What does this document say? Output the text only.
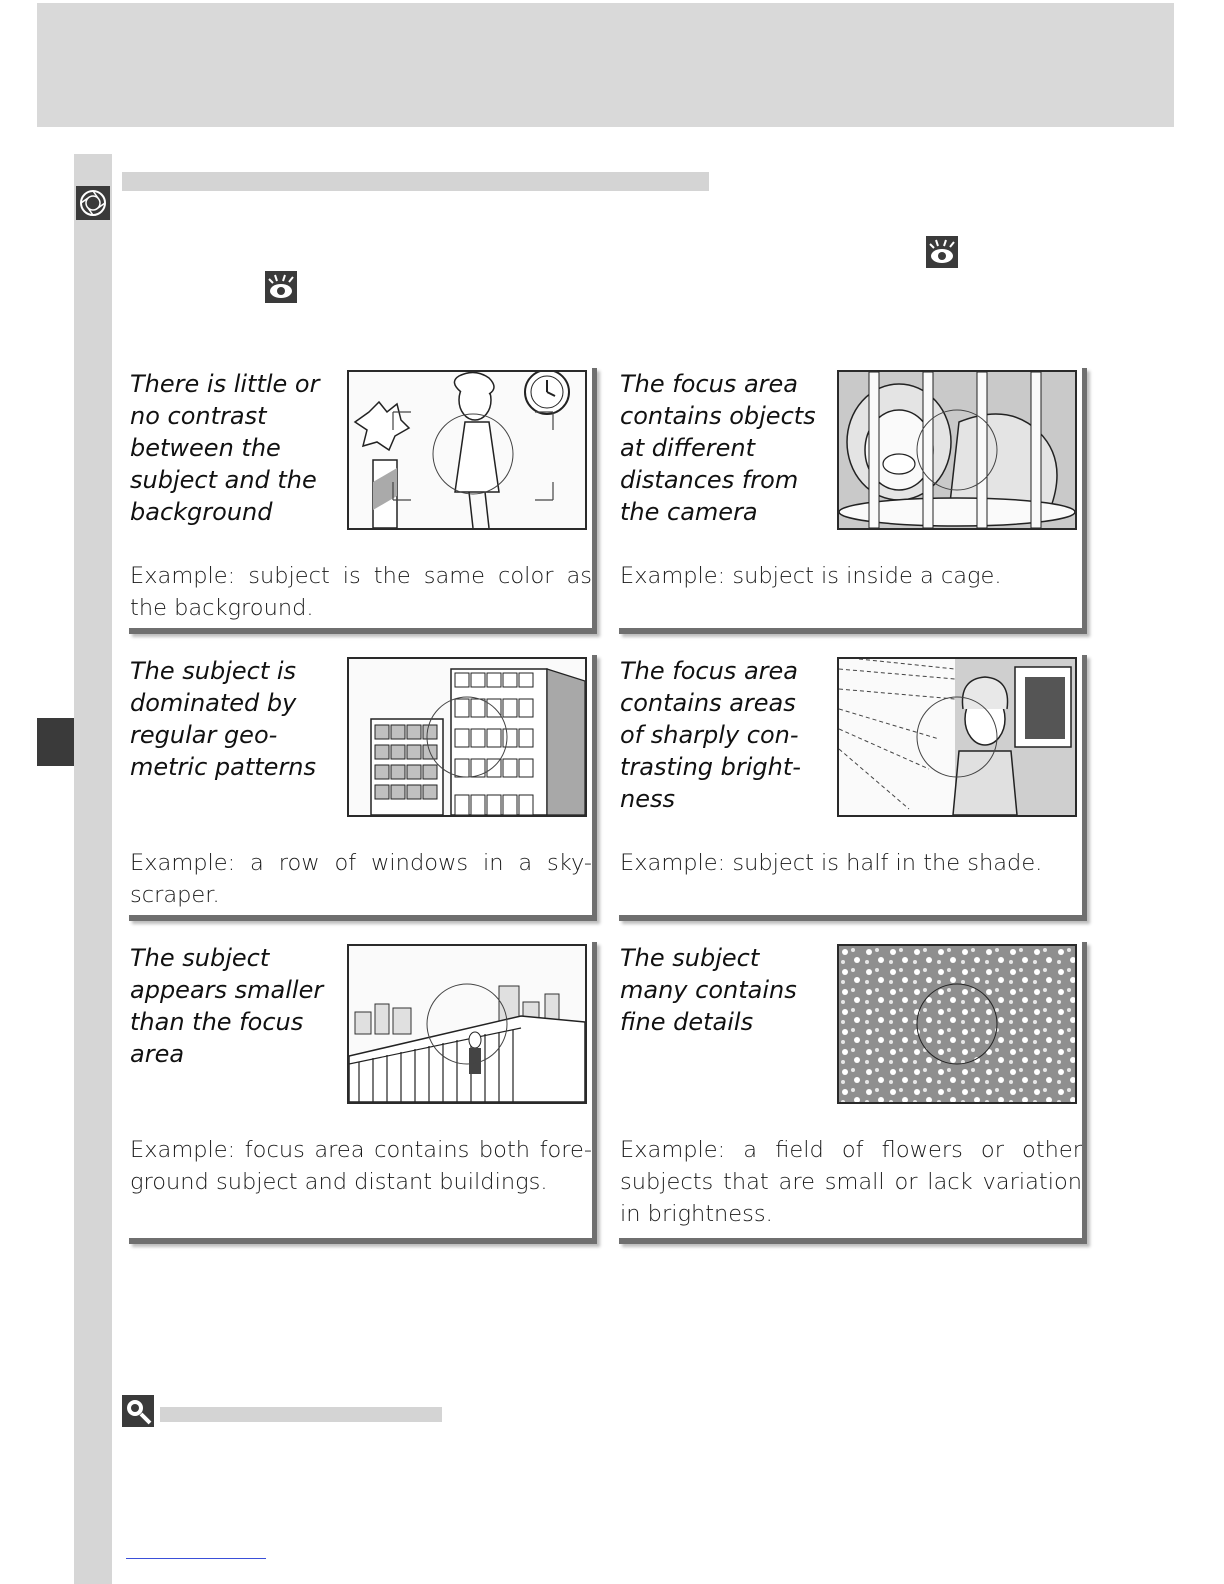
There is little or no contrast between the subject and the background

Example: subject is the same color as the background.

The focus area contains objects at different distances from the camera

Example: subject is inside a cage.

The subject is dominated by regular geo-metric patterns

Example: a row of windows in a sky-scraper.

The focus area contains areas of sharply con-trasting bright-ness

Example: subject is half in the shade.

The subject appears smaller than the focus area

Example: focus area contains both fore-ground subject and distant buildings.

The subject many contains fine details

Example: a field of flowers or other subjects that are small or lack variation in brightness.
